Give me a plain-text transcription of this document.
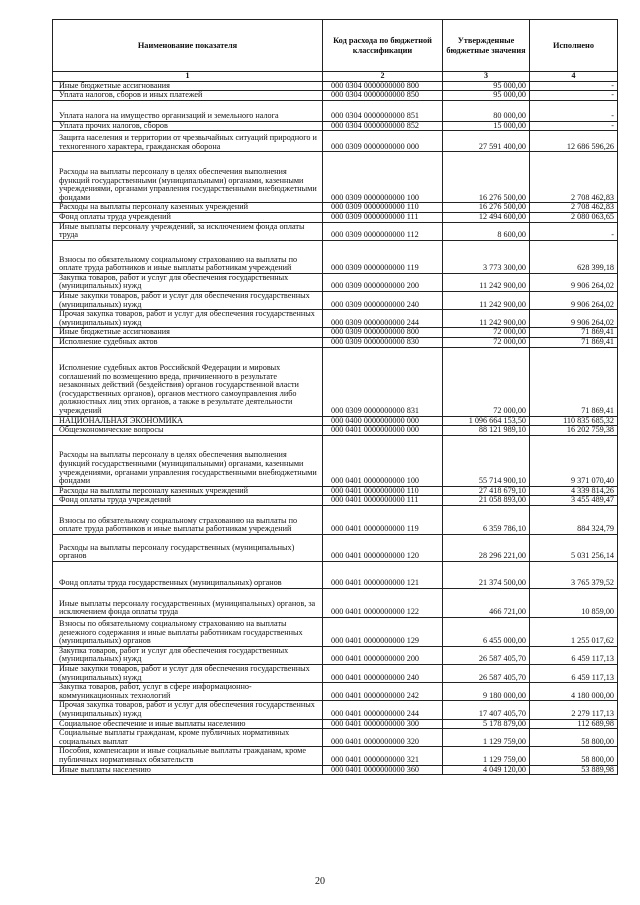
Наименование показателя	Код расхода по бюджетной классификации	Утвержденные бюджетные значения	Исполнено
1	2	3	4
Иные бюджетные ассигнования	000 0304 0000000000 800	95 000,00	-
Уплата налогов, сборов и иных платежей	000 0304 0000000000 850	95 000,00	-
Уплата налога на имущество организаций и земельного налога	000 0304 0000000000 851	80 000,00	-
Уплата прочих налогов, сборов	000 0304 0000000000 852	15 000,00	-
Защита населения и территории от чрезвычайных ситуаций природного и техногенного характера, гражданская оборона	000 0309 0000000000 000	27 591 400,00	12 686 596,26
Расходы на выплаты персоналу в целях обеспечения выполнения функций государственными (муниципальными) органами, казенными учреждениями, органами управления государственными внебюджетными фондами	000 0309 0000000000 100	16 276 500,00	2 708 462,83
Расходы на выплаты персоналу казенных учреждений	000 0309 0000000000 110	16 276 500,00	2 708 462,83
Фонд оплаты труда учреждений	000 0309 0000000000 111	12 494 600,00	2 080 063,65
Иные выплаты персоналу учреждений, за исключением фонда оплаты труда	000 0309 0000000000 112	8 600,00	-
Взносы по обязательному социальному страхованию на выплаты по оплате труда работников и иные выплаты работникам учреждений	000 0309 0000000000 119	3 773 300,00	628 399,18
Закупка товаров, работ и услуг для обеспечения государственных (муниципальных) нужд	000 0309 0000000000 200	11 242 900,00	9 906 264,02
Иные закупки товаров, работ и услуг для обеспечения государственных (муниципальных) нужд	000 0309 0000000000 240	11 242 900,00	9 906 264,02
Прочая закупка товаров, работ и услуг для обеспечения государственных (муниципальных) нужд	000 0309 0000000000 244	11 242 900,00	9 906 264,02
Иные бюджетные ассигнования	000 0309 0000000000 800	72 000,00	71 869,41
Исполнение судебных актов	000 0309 0000000000 830	72 000,00	71 869,41
Исполнение судебных актов Российской Федерации и мировых соглашений по возмещению вреда, причиненного в результате незаконных действий (бездействия) органов государственной власти (государственных органов), органов местного самоуправления либо должностных лиц этих органов, а также в результате деятельности учреждений	000 0309 0000000000 831	72 000,00	71 869,41
НАЦИОНАЛЬНАЯ ЭКОНОМИКА	000 0400 0000000000 000	1 096 664 153,50	110 835 685,32
Общеэкономические вопросы	000 0401 0000000000 000	88 121 989,10	16 202 759,38
Расходы на выплаты персоналу в целях обеспечения выполнения функций государственными (муниципальными) органами, казенными учреждениями, органами управления государственными внебюджетными фондами	000 0401 0000000000 100	55 714 900,10	9 371 070,40
Расходы на выплаты персоналу казенных учреждений	000 0401 0000000000 110	27 418 679,10	4 339 814,26
Фонд оплаты труда учреждений	000 0401 0000000000 111	21 058 893,00	3 455 489,47
Взносы по обязательному социальному страхованию на выплаты по оплате труда работников и иные выплаты работникам учреждений	000 0401 0000000000 119	6 359 786,10	884 324,79
Расходы на выплаты персоналу государственных (муниципальных) органов	000 0401 0000000000 120	28 296 221,00	5 031 256,14
Фонд оплаты труда государственных (муниципальных) органов	000 0401 0000000000 121	21 374 500,00	3 765 379,52
Иные выплаты персоналу государственных (муниципальных) органов, за исключением фонда оплаты труда	000 0401 0000000000 122	466 721,00	10 859,00
Взносы по обязательному социальному страхованию на выплаты денежного содержания и иные выплаты работникам государственных (муниципальных) органов	000 0401 0000000000 129	6 455 000,00	1 255 017,62
Закупка товаров, работ и услуг для обеспечения государственных (муниципальных) нужд	000 0401 0000000000 200	26 587 405,70	6 459 117,13
Иные закупки товаров, работ и услуг для обеспечения государственных (муниципальных) нужд	000 0401 0000000000 240	26 587 405,70	6 459 117,13
Закупка товаров, работ, услуг в сфере информационно-коммуникационных технологий	000 0401 0000000000 242	9 180 000,00	4 180 000,00
Прочая закупка товаров, работ и услуг для обеспечения государственных (муниципальных) нужд	000 0401 0000000000 244	17 407 405,70	2 279 117,13
Социальное обеспечение и иные выплаты населению	000 0401 0000000000 300	5 178 879,00	112 689,98
Социальные выплаты гражданам, кроме публичных нормативных социальных выплат	000 0401 0000000000 320	1 129 759,00	58 800,00
Пособия, компенсации и иные социальные выплаты гражданам, кроме публичных нормативных обязательств	000 0401 0000000000 321	1 129 759,00	58 800,00
Иные выплаты населению	000 0401 0000000000 360	4 049 120,00	53 889,98
20
